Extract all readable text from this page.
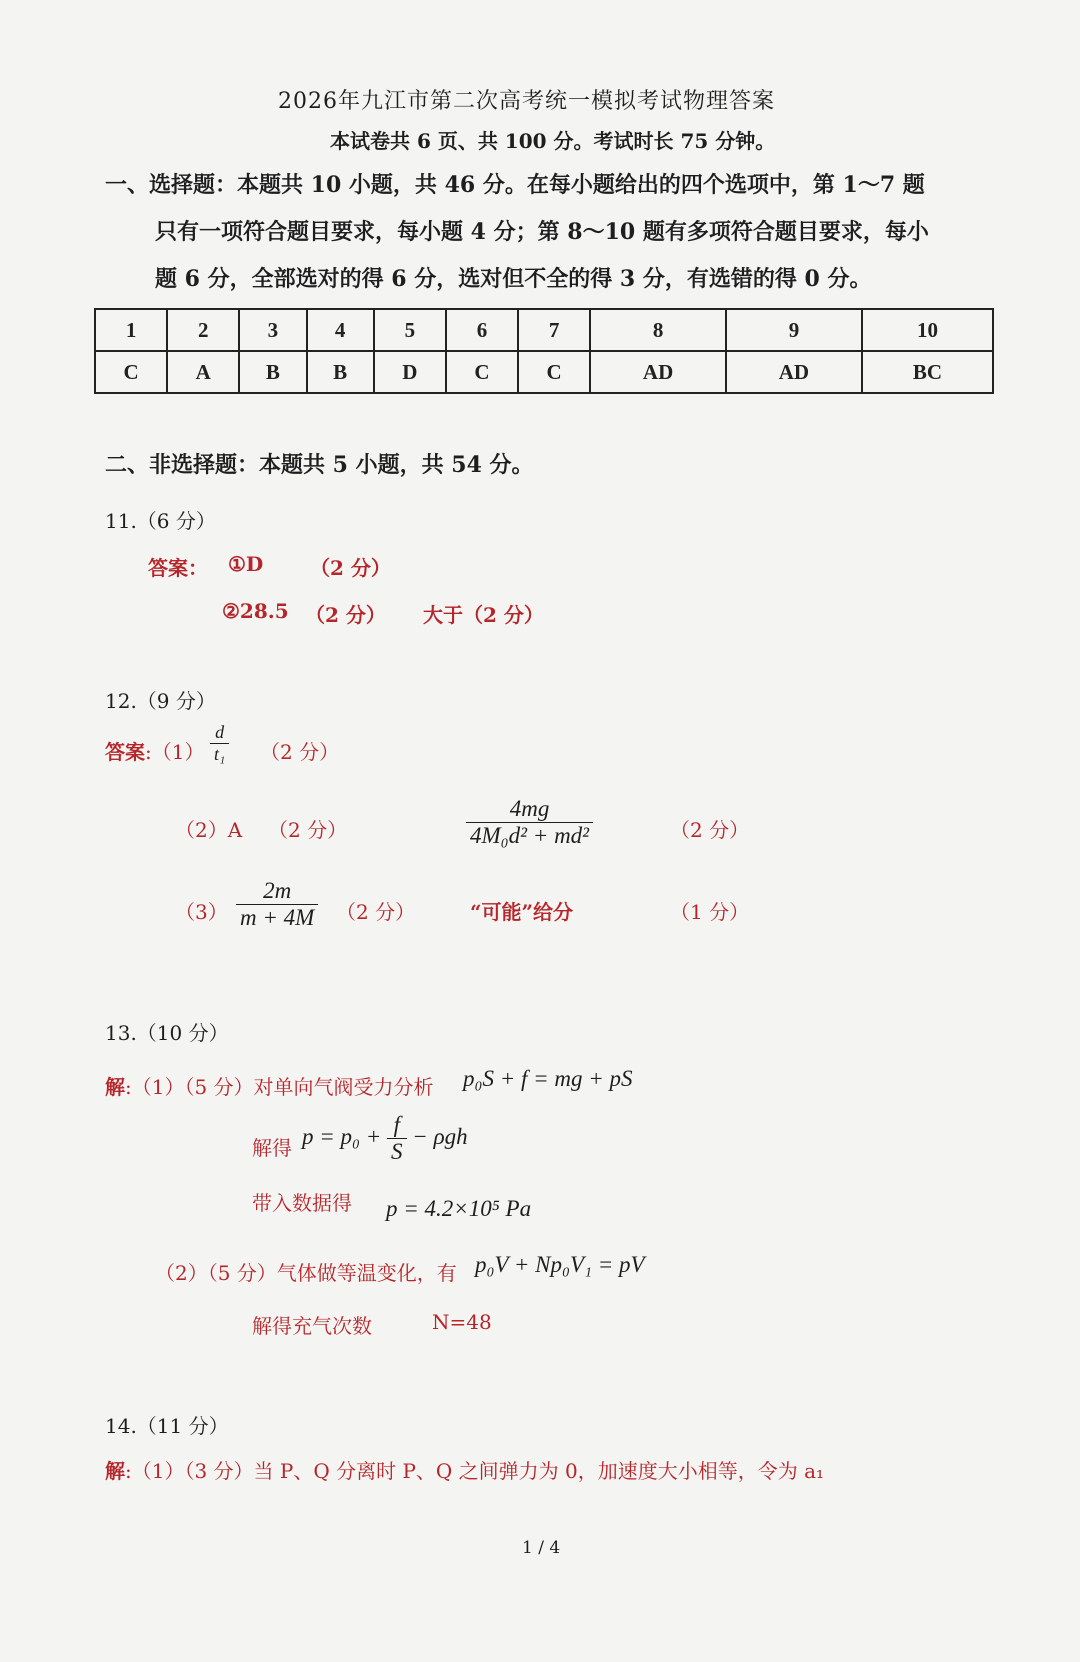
2026年九江市第二次高考统一模拟考试物理答案
本试卷共 6 页、共 100 分。考试时长 75 分钟。
一、选择题：本题共 10 小题，共 46 分。在每小题给出的四个选项中，第 1～7 题
只有一项符合题目要求，每小题 4 分；第 8～10 题有多项符合题目要求，每小
题 6 分，全部选对的得 6 分，选对但不全的得 3 分，有选错的得 0 分。
1	2	3	4	5	6	7	8	9	10
C	A	B	B	D	C	C	AD	AD	BC
二、非选择题：本题共 5 小题，共 54 分。
11.（6 分）
答案： ①D （2 分）
②28.5 （2 分） 大于（2 分）
12.（9 分）
答案:（1） $\frac{d}{\text{t₁}} (2$ 分）
（2）A （2 分）	$\frac{4mg}{\text{4M₀d² + md²}}$	（2 分）
$(3) \frac{2m}{m + 4M} (2$ 分）	“可能”给分	（1 分）
13.（10 分）
解:（1）（5 分）对单向气阀受力分析 p₀S + f = mg + pS
解得 $p = p_0 + \frac{f}{S} - \rho gh$
带入数据得 p = 4.2×10⁵ Pa
（2）（5 分）气体做等温变化，有 p₀V + Np₀V₁ = pV
解得充气次数	N=48
14.（11 分）
解:（1）（3 分）当 P、Q 分离时 P、Q 之间弹力为 0，加速度大小相等，令为 a₁
1 / 4
